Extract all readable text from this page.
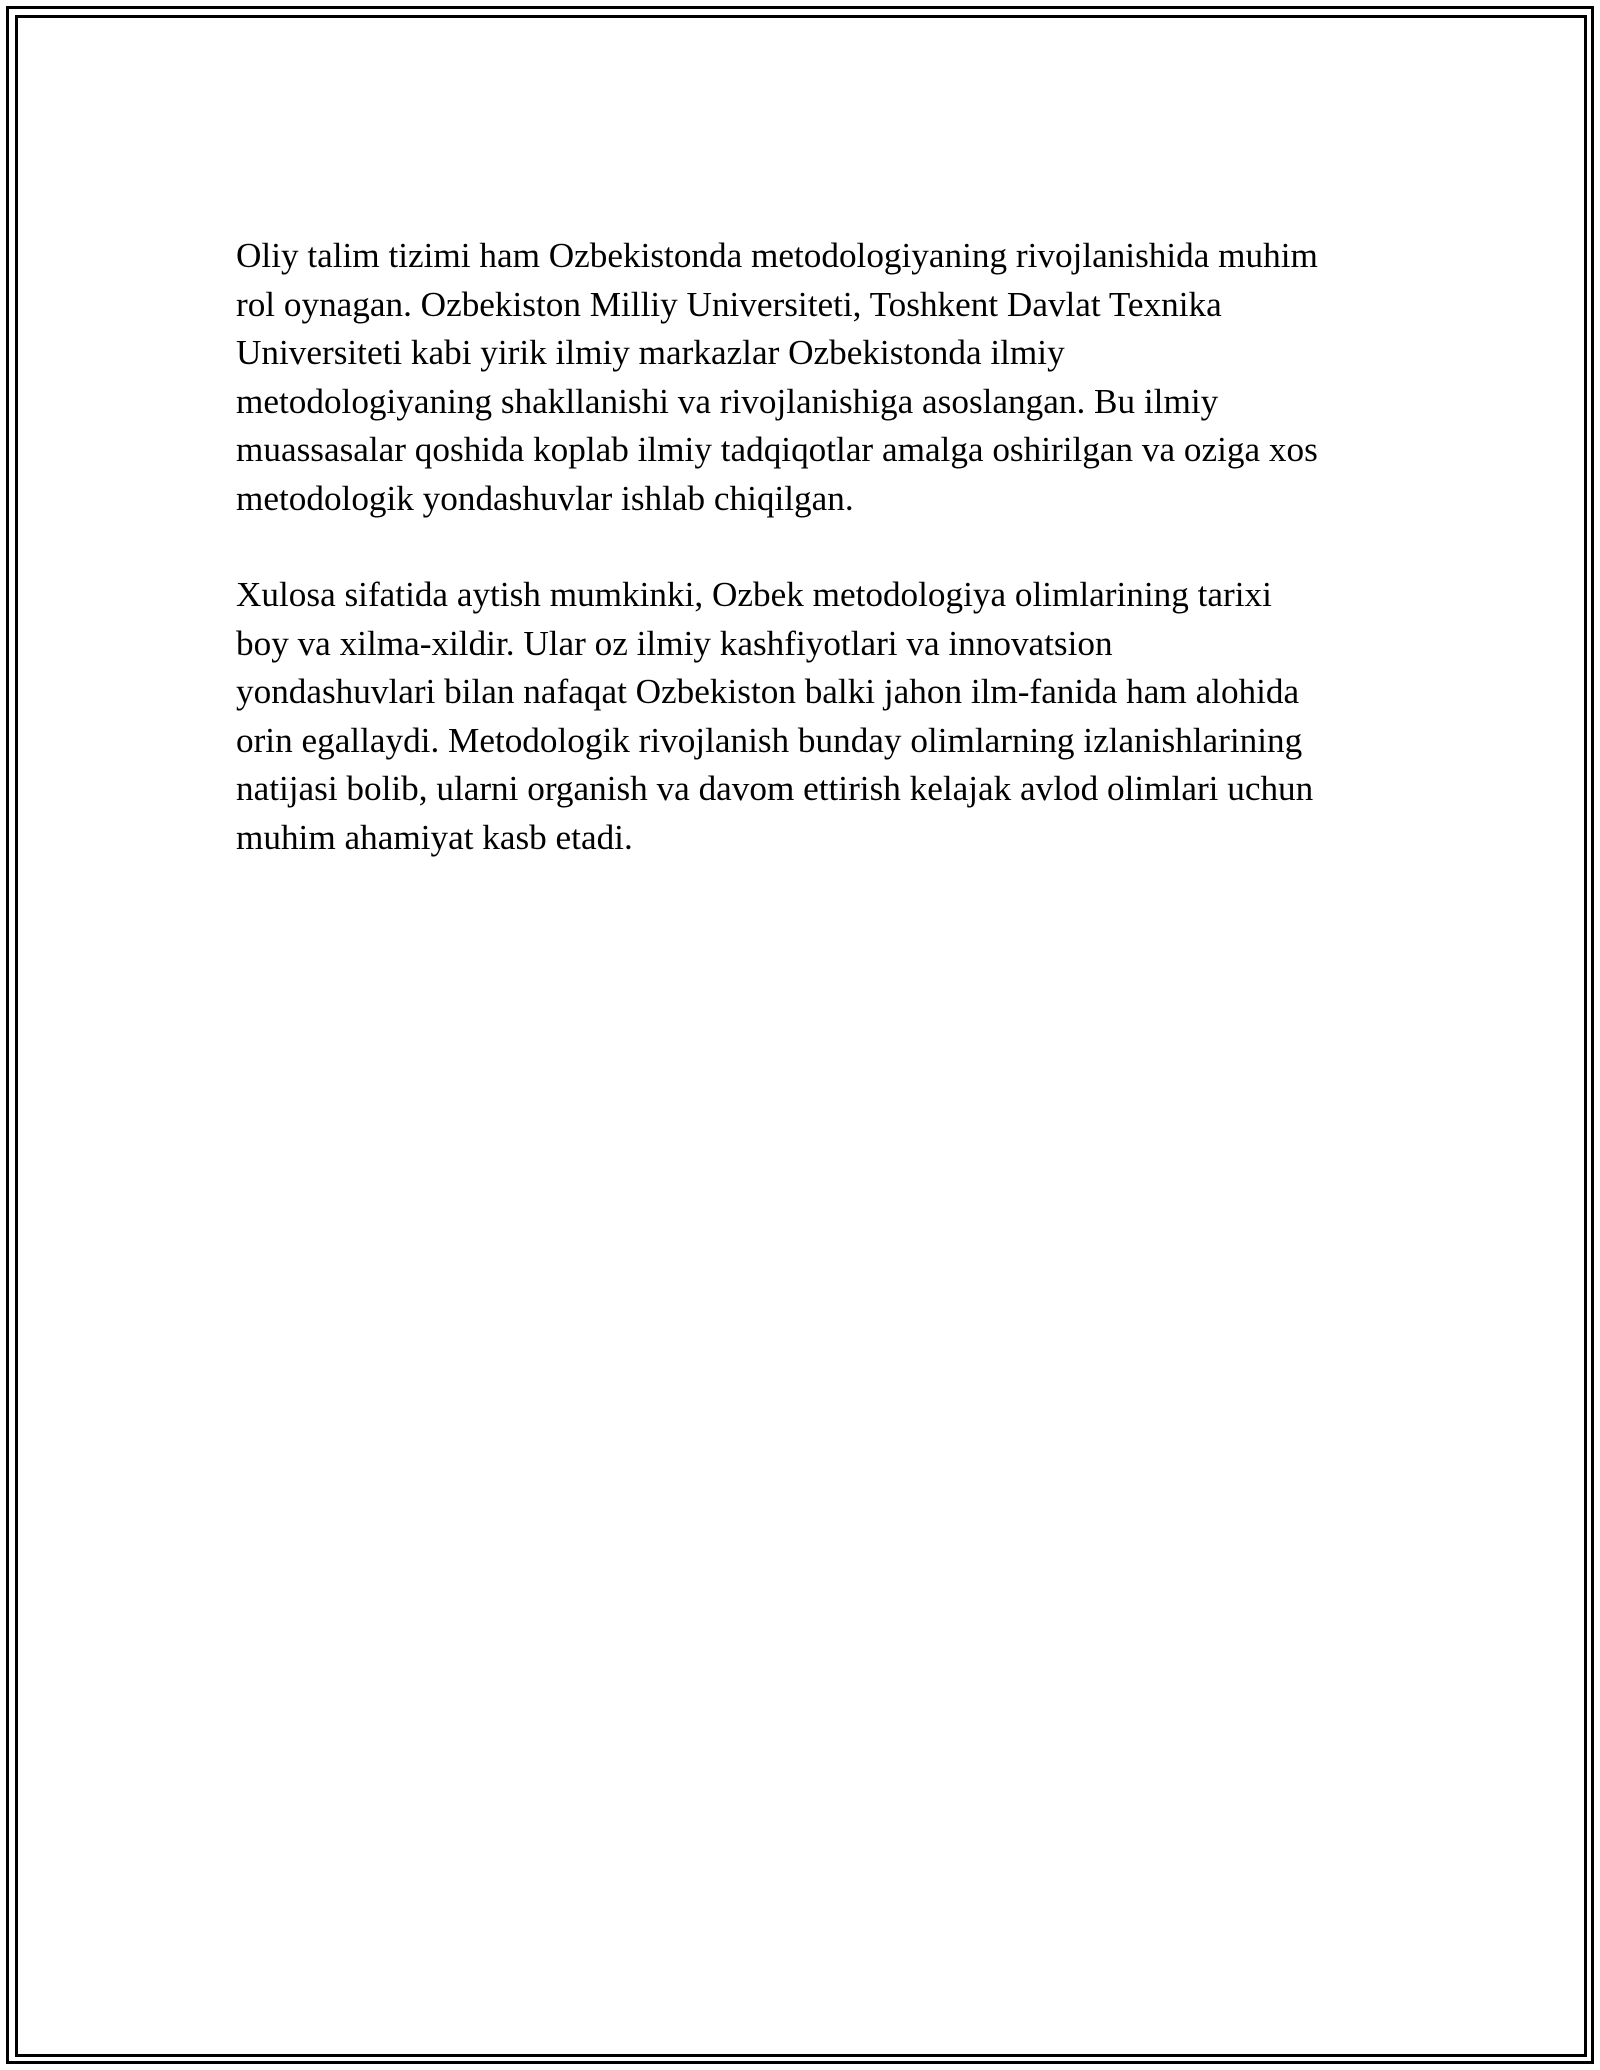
Oliy talim tizimi ham Ozbekistonda metodologiyaning rivojlanishida muhim
rol oynagan. Ozbekiston Milliy Universiteti, Toshkent Davlat Texnika
Universiteti kabi yirik ilmiy markazlar Ozbekistonda ilmiy
metodologiyaning shakllanishi va rivojlanishiga asoslangan. Bu ilmiy
muassasalar qoshida koplab ilmiy tadqiqotlar amalga oshirilgan va oziga xos
metodologik yondashuvlar ishlab chiqilgan.

Xulosa sifatida aytish mumkinki, Ozbek metodologiya olimlarining tarixi
boy va xilma-xildir. Ular oz ilmiy kashfiyotlari va innovatsion
yondashuvlari bilan nafaqat Ozbekiston balki jahon ilm-fanida ham alohida
orin egallaydi. Metodologik rivojlanish bunday olimlarning izlanishlarining
natijasi bolib, ularni organish va davom ettirish kelajak avlod olimlari uchun
muhim ahamiyat kasb etadi.
